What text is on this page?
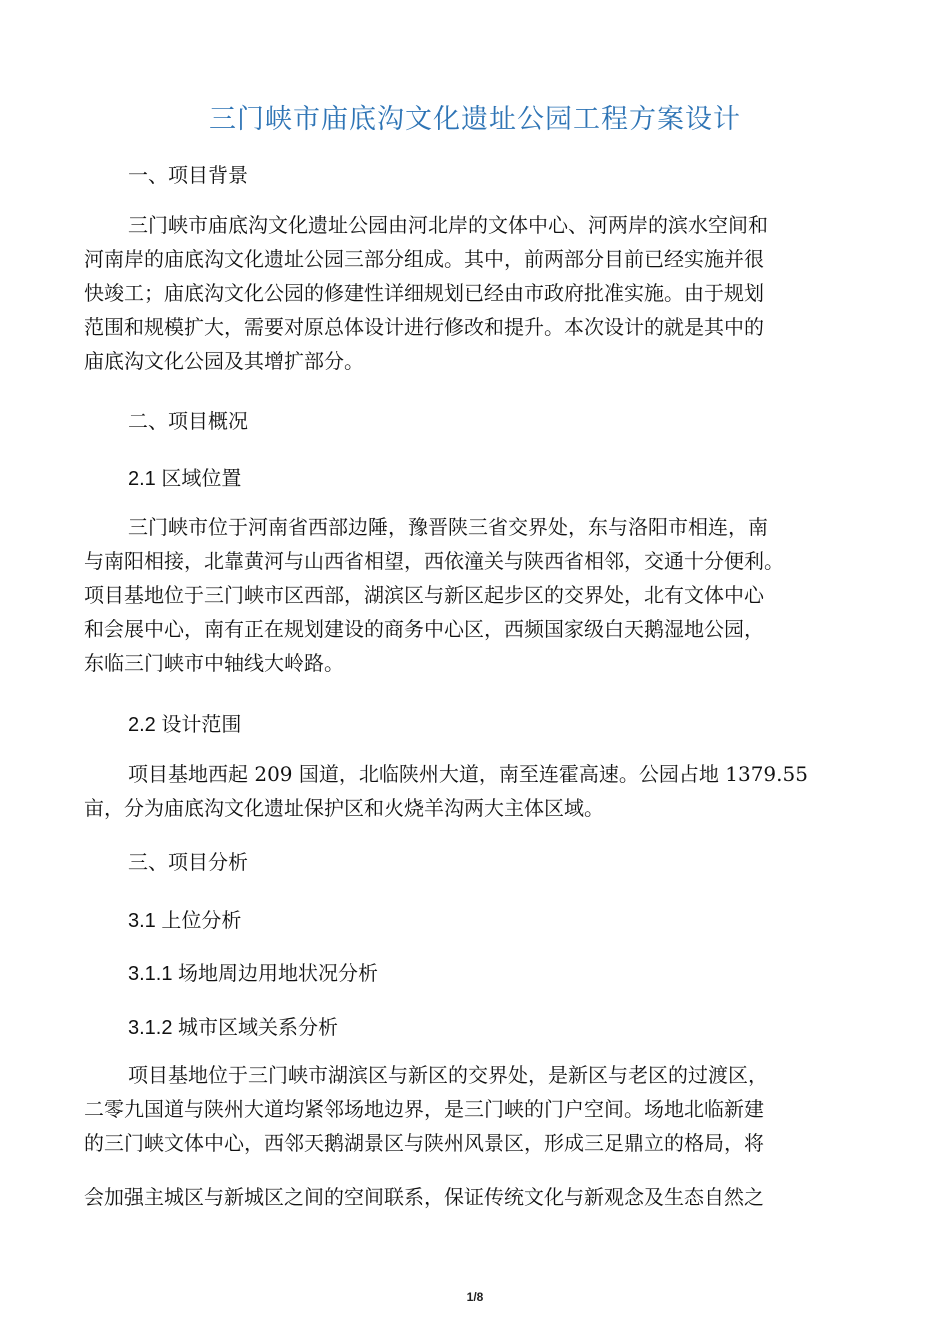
三门峡市庙底沟文化遗址公园工程方案设计

一、项目背景

三门峡市庙底沟文化遗址公园由河北岸的文体中心、河两岸的滨水空间和
河南岸的庙底沟文化遗址公园三部分组成。其中，前两部分目前已经实施并很
快竣工；庙底沟文化公园的修建性详细规划已经由市政府批准实施。由于规划
范围和规模扩大，需要对原总体设计进行修改和提升。本次设计的就是其中的
庙底沟文化公园及其增扩部分。

二、项目概况

2.1 区域位置

三门峡市位于河南省西部边陲，豫晋陕三省交界处，东与洛阳市相连，南
与南阳相接，北靠黄河与山西省相望，西依潼关与陕西省相邻，交通十分便利。
项目基地位于三门峡市区西部，湖滨区与新区起步区的交界处，北有文体中心
和会展中心，南有正在规划建设的商务中心区，西频国家级白天鹅湿地公园，
东临三门峡市中轴线大岭路。

2.2 设计范围

项目基地西起 209 国道，北临陕州大道，南至连霍高速。公园占地 1379.55
亩，分为庙底沟文化遗址保护区和火烧羊沟两大主体区域。

三、项目分析

3.1 上位分析

3.1.1 场地周边用地状况分析

3.1.2 城市区域关系分析

项目基地位于三门峡市湖滨区与新区的交界处，是新区与老区的过渡区，
二零九国道与陕州大道均紧邻场地边界，是三门峡的门户空间。场地北临新建
的三门峡文体中心，西邻天鹅湖景区与陕州风景区，形成三足鼎立的格局，将
会加强主城区与新城区之间的空间联系，保证传统文化与新观念及生态自然之
1/8
